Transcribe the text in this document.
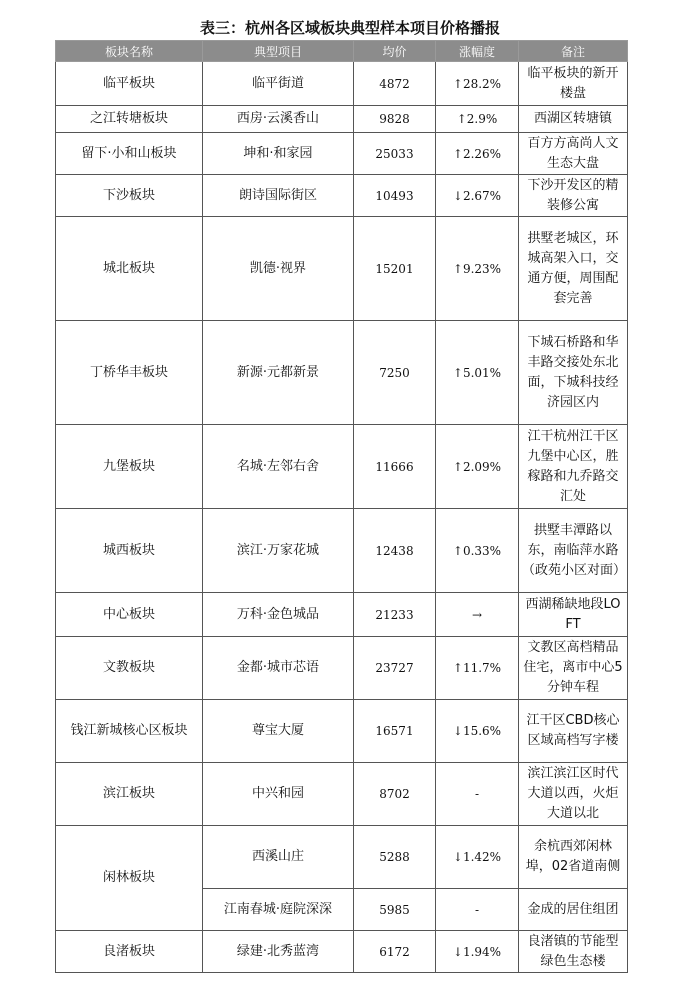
表三：杭州各区域板块典型样本项目价格播报
板块名称	典型项目	均价	涨幅度	备注
临平板块	临平街道	4872	↑28.2%	临平板块的新开楼盘
之江转塘板块	西房·云溪香山	9828	↑2.9%	西湖区转塘镇
留下·小和山板块	坤和·和家园	25033	↑2.26%	百方方高尚人文生态大盘
下沙板块	朗诗国际街区	10493	↓2.67%	下沙开发区的精装修公寓
城北板块	凯德·视界	15201	↑9.23%	拱墅老城区，环城高架入口，交通方便，周围配套完善
丁桥华丰板块	新源·元都新景	7250	↑5.01%	下城石桥路和华丰路交接处东北面，下城科技经济园区内
九堡板块	名城·左邻右舍	11666	↑2.09%	江干杭州江干区九堡中心区，胜稼路和九乔路交汇处
城西板块	滨江·万家花城	12438	↑0.33%	拱墅丰潭路以东，南临萍水路（政苑小区对面）
中心板块	万科·金色城品	21233	→	西湖稀缺地段LOFT
文教板块	金都·城市芯语	23727	↑11.7%	文教区高档精品住宅，离市中心5分钟车程
钱江新城核心区板块	尊宝大厦	16571	↓15.6%	江干区CBD核心区域高档写字楼
滨江板块	中兴和园	8702	-	滨江滨江区时代大道以西，火炬大道以北
闲林板块	西溪山庄	5288	↓1.42%	余杭西郊闲林埠，02省道南侧
	江南春城·庭院深深	5985	-	金成的居住组团
良渚板块	绿建·北秀蓝湾	6172	↓1.94%	良渚镇的节能型绿色生态楼
